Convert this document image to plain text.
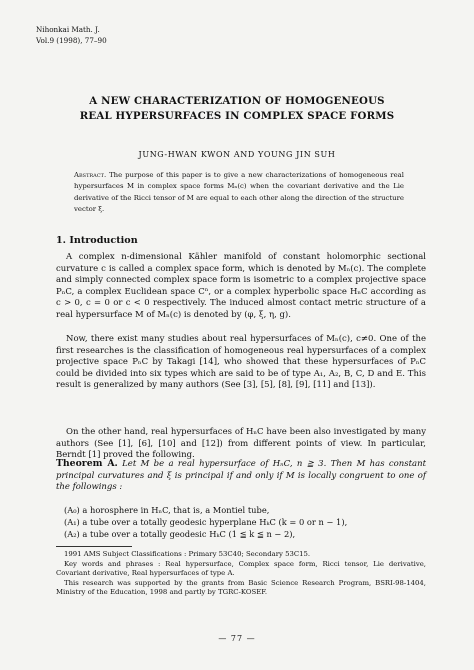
Nihonkai Math. J.
Vol.9 (1998), 77–90
A NEW CHARACTERIZATION OF HOMOGENEOUS
REAL HYPERSURFACES IN COMPLEX SPACE FORMS
JUNG-HWAN KWON AND YOUNG JIN SUH
Abstract. The purpose of this paper is to give a new characterizations of homogeneous real hypersurfaces M in complex space forms Mₙ(c) when the covariant derivative and the Lie derivative of the Ricci tensor of M are equal to each other along the direction of the structure vector ξ.
1. Introduction
A complex n-dimensional Kähler manifold of constant holomorphic sectional curvature c is called a complex space form, which is denoted by Mₙ(c). The complete and simply connected complex space form is isometric to a complex projective space PₙC, a complex Euclidean space Cⁿ, or a complex hyperbolic space HₙC according as c > 0, c = 0 or c < 0 respectively. The induced almost contact metric structure of a real hypersurface M of Mₙ(c) is denoted by (φ, ξ, η, g).
Now, there exist many studies about real hypersurfaces of Mₙ(c), c≠0. One of the first researches is the classification of homogeneous real hypersurfaces of a complex projective space PₙC by Takagi [14], who showed that these hypersurfaces of PₙC could be divided into six types which are said to be of type A₁, A₂, B, C, D and E. This result is generalized by many authors (See [3], [5], [8], [9], [11] and [13]).
On the other hand, real hypersurfaces of HₙC have been also investigated by many authors (See [1], [6], [10] and [12]) from different points of view. In particular, Berndt [1] proved the following.
Theorem A. Let M be a real hypersurface of HₙC, n ≧ 3. Then M has constant principal curvatures and ξ is principal if and only if M is locally congruent to one of the followings :
(A₀) a horosphere in HₙC, that is, a Montiel tube,
(A₁) a tube over a totally geodesic hyperplane HₖC (k = 0 or n − 1),
(A₂) a tube over a totally geodesic HₖC (1 ≦ k ≦ n − 2),
1991 AMS Subject Classifications : Primary 53C40; Secondary 53C15.
Key words and phrases : Real hypersurface, Complex space form, Ricci tensor, Lie derivative, Covariant derivative, Real hypersurfaces of type A.
This research was supported by the grants from Basic Science Research Program, BSRI-98-1404, Ministry of the Education, 1998 and partly by TGRC-KOSEF.
— 77 —
